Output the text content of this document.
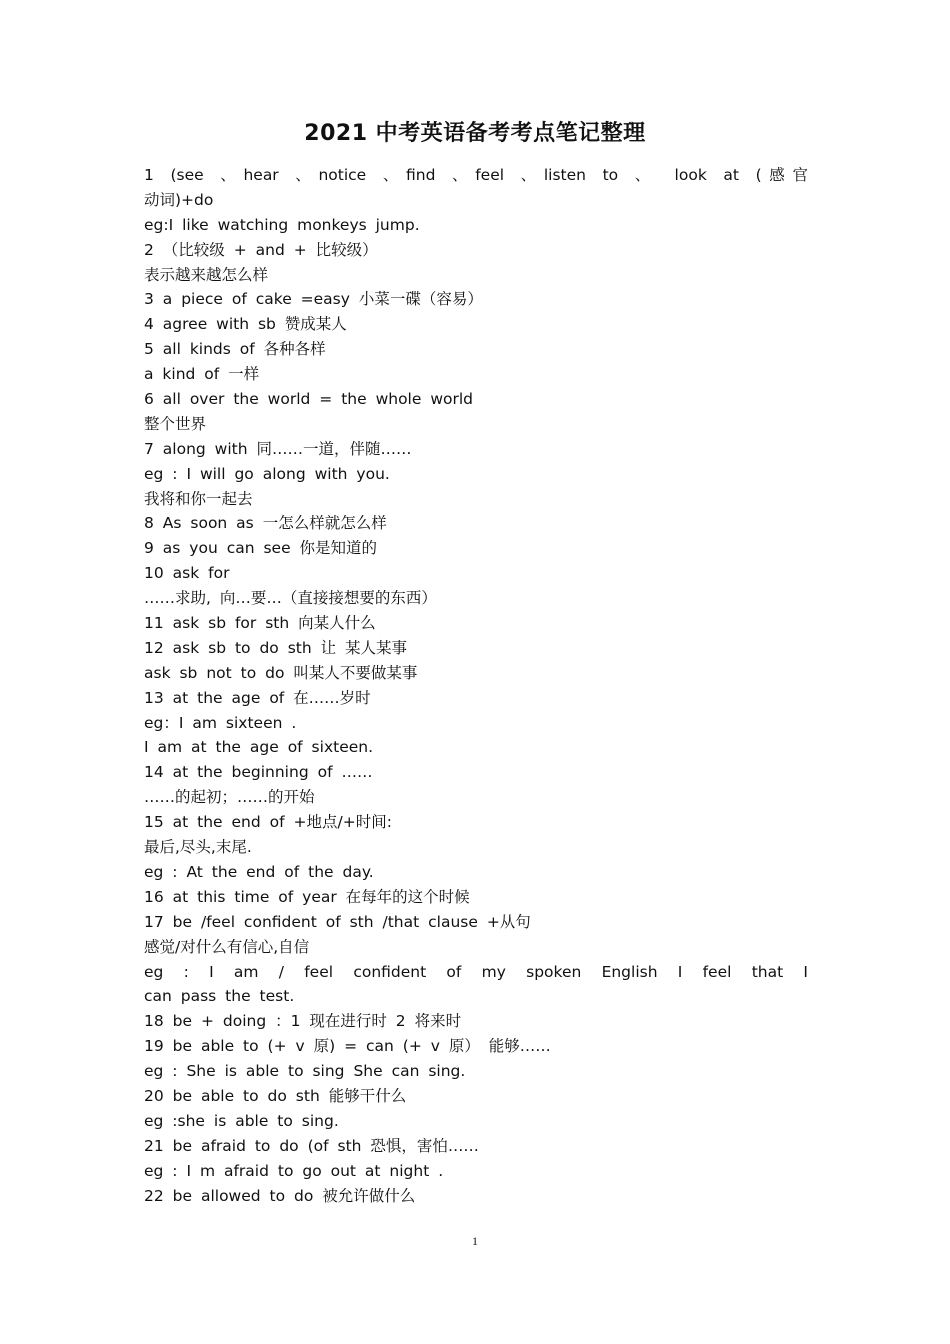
2021 中考英语备考考点笔记整理
1 (see 、hear 、notice 、find 、feel 、listen to 、 look at (感官
动词)+do
eg:I like watching monkeys jump.
2 （比较级 + and + 比较级）
表示越来越怎么样
3 a piece of cake =easy 小菜一碟（容易）
4 agree with sb 赞成某人
5 all kinds of 各种各样
a kind of 一样
6 all over the world = the whole world
整个世界
7 along with 同……一道，伴随……
eg : I will go along with you.
我将和你一起去
8 As soon as 一怎么样就怎么样
9 as you can see 你是知道的
10 ask for
……求助, 向…要…（直接接想要的东西）
11 ask sb for sth 向某人什么
12 ask sb to do sth 让 某人某事
ask sb not to do 叫某人不要做某事
13 at the age of 在……岁时
eg：I am sixteen .
I am at the age of sixteen.
14 at the beginning of ……
……的起初；……的开始
15 at the end of +地点/+时间:
最后,尽头,末尾.
eg : At the end of the day.
16 at this time of year 在每年的这个时候
17 be /feel confident of sth /that clause +从句
感觉/对什么有信心,自信
eg : I am / feel confident of my spoken English I feel that I
can pass the test.
18 be + doing ：1 现在进行时 2 将来时
19 be able to (+ v 原) = can (+ v 原） 能够……
eg : She is able to sing She can sing.
20 be able to do sth 能够干什么
eg :she is able to sing.
21 be afraid to do (of sth 恐惧，害怕……
eg : I m afraid to go out at night .
22 be allowed to do 被允许做什么
1
